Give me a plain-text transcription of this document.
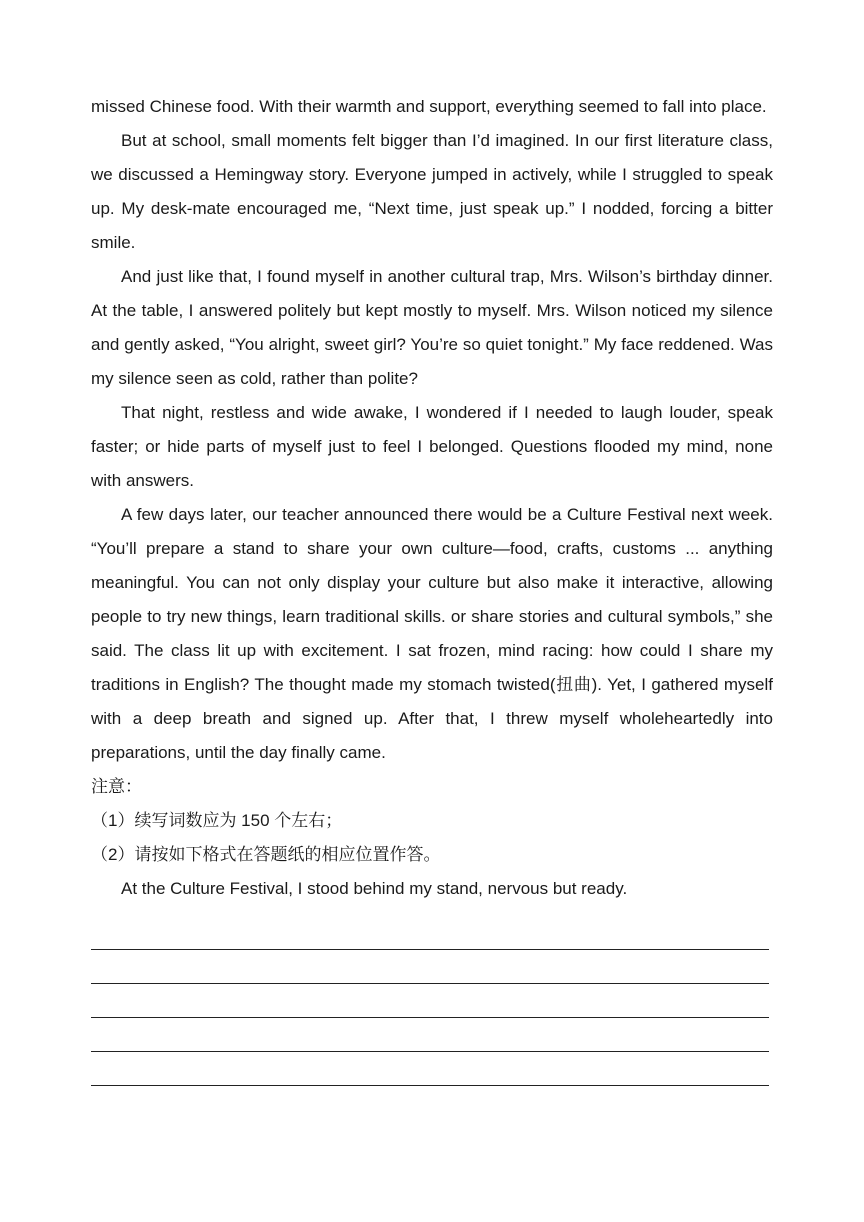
missed Chinese food. With their warmth and support, everything seemed to fall into place.

But at school, small moments felt bigger than I’d imagined. In our first literature class, we discussed a Hemingway story. Everyone jumped in actively, while I struggled to speak up. My desk-mate encouraged me, “Next time, just speak up.” I nodded, forcing a bitter smile.

And just like that, I found myself in another cultural trap, Mrs. Wilson’s birthday dinner. At the table, I answered politely but kept mostly to myself. Mrs. Wilson noticed my silence and gently asked, “You alright, sweet girl? You’re so quiet tonight.” My face reddened. Was my silence seen as cold, rather than polite?

That night, restless and wide awake, I wondered if I needed to laugh louder, speak faster; or hide parts of myself just to feel I belonged. Questions flooded my mind, none with answers.

A few days later, our teacher announced there would be a Culture Festival next week. “You’ll prepare a stand to share your own culture—food, crafts, customs ... anything meaningful. You can not only display your culture but also make it interactive, allowing people to try new things, learn traditional skills. or share stories and cultural symbols,” she said. The class lit up with excitement. I sat frozen, mind racing: how could I share my traditions in English? The thought made my stomach twisted(扭曲). Yet, I gathered myself with a deep breath and signed up. After that, I threw myself wholeheartedly into preparations, until the day finally came.

注意：

（1）续写词数应为 150 个左右；

（2）请按如下格式在答题纸的相应位置作答。

At the Culture Festival, I stood behind my stand, nervous but ready.
